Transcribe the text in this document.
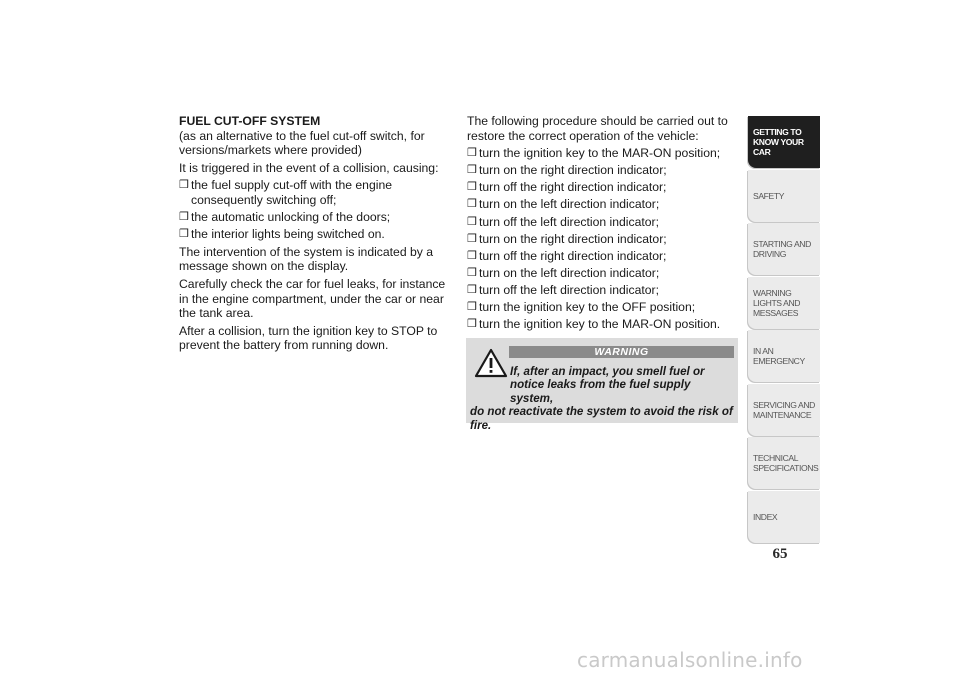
FUEL CUT-OFF SYSTEM

(as an alternative to the fuel cut-off switch, for versions/markets where provided)

It is triggered in the event of a collision, causing:

❒ the fuel supply cut-off with the engine consequently switching off;
❒ the automatic unlocking of the doors;
❒ the interior lights being switched on.

The intervention of the system is indicated by a message shown on the display.

Carefully check the car for fuel leaks, for instance in the engine compartment, under the car or near the tank area.

After a collision, turn the ignition key to STOP to prevent the battery from running down.

The following procedure should be carried out to restore the correct operation of the vehicle:

❒ turn the ignition key to the MAR-ON position;
❒ turn on the right direction indicator;
❒ turn off the right direction indicator;
❒ turn on the left direction indicator;
❒ turn off the left direction indicator;
❒ turn on the right direction indicator;
❒ turn off the right direction indicator;
❒ turn on the left direction indicator;
❒ turn off the left direction indicator;
❒ turn the ignition key to the OFF position;
❒ turn the ignition key to the MAR-ON position.
WARNING
If, after an impact, you smell fuel or
notice leaks from the fuel supply system,
do not reactivate the system to avoid the risk of fire.
GETTING TO KNOW YOUR CAR
SAFETY
STARTING AND DRIVING
WARNING LIGHTS AND MESSAGES
IN AN EMERGENCY
SERVICING AND MAINTENANCE
TECHNICAL SPECIFICATIONS
INDEX
65
carmanualsonline.info
